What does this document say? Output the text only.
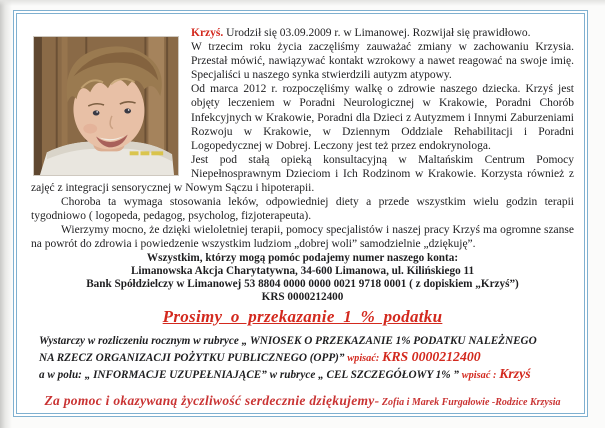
Krzyś. Urodził się 03.09.2009 r. w Limanowej. Rozwijał się prawidłowo.

W trzecim roku życia zaczęliśmy zauważać zmiany w zachowaniu Krzysia. Przestał mówić, nawiązywać kontakt wzrokowy a nawet reagować na swoje imię. Specjaliści u naszego synka stwierdzili autyzm atypowy.

Od marca 2012 r. rozpoczęliśmy walkę o zdrowie naszego dziecka. Krzyś jest objęty leczeniem w Poradni Neurologicznej w Krakowie, Poradni Chorób Infekcyjnych w Krakowie, Poradni dla Dzieci z Autyzmem i Innymi Zaburzeniami Rozwoju w Krakowie, w Dziennym Oddziale Rehabilitacji i Poradni Logopedycznej w Dobrej. Leczony jest też przez endokrynologa.

Jest pod stałą opieką konsultacyjną w Maltańskim Centrum Pomocy Niepełnosprawnym Dzieciom i Ich Rodzinom w Krakowie. Korzysta również z zajęć z integracji sensorycznej w Nowym Sączu i hipoterapii.

Choroba ta wymaga stosowania leków, odpowiedniej diety a przede wszystkim wielu godzin terapii tygodniowo ( logopeda, pedagog, psycholog, fizjoterapeuta).

Wierzymy mocno, że dzięki wieloletniej terapii, pomocy specjalistów i naszej pracy Krzyś ma ogromne szanse na powrót do zdrowia i powiedzenie wszystkim ludziom „dobrej woli” samodzielnie „dziękuję”.

Wszystkim, którzy mogą pomóc podajemy numer naszego konta:

Limanowska Akcja Charytatywna, 34-600 Limanowa, ul. Kilińskiego 11

Bank Spółdzielczy w Limanowej 53 8804 0000 0000 0021 9718 0001 ( z dopiskiem „Krzyś”)

KRS 0000212400

Prosimy o przekazanie 1 % podatku

Wystarczy w rozliczeniu rocznym w rubryce „ WNIOSEK O PRZEKAZANIE 1% PODATKU NALEŻNEGO

NA RZECZ ORGANIZACJI POŻYTKU PUBLICZNEGO (OPP)” wpisać: KRS 0000212400

a w polu: „ INFORMACJE UZUPEŁNIAJĄCE” w rubryce „ CEL SZCZEGÓŁOWY 1% ” wpisać : Krzyś

Za pomoc i okazywaną życzliwość serdecznie dziękujemy- Zofia i Marek Furgałowie -Rodzice Krzysia
